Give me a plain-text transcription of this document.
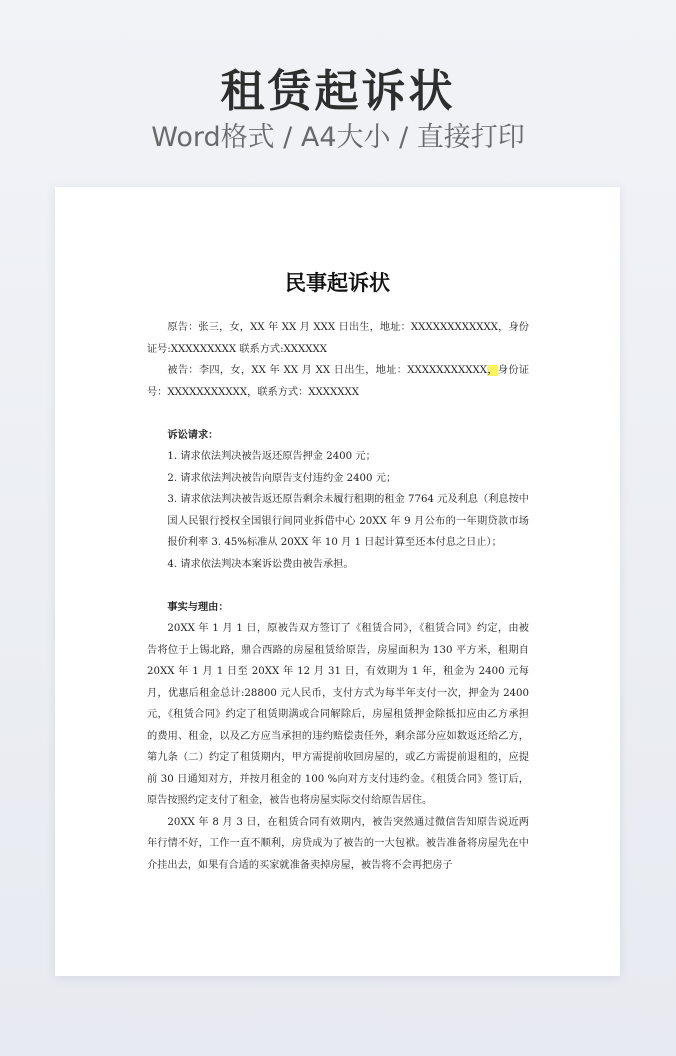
租赁起诉状
Word格式 / A4大小 / 直接打印
民事起诉状

原告：张三，女，XX 年 XX 月 XXX 日出生，地址：XXXXXXXXXXXX，身份证号:XXXXXXXXX 联系方式:XXXXXX

被告：李四，女，XX 年 XX 月 XX 日出生，地址：XXXXXXXXXXX，身份证号：XXXXXXXXXXX，联系方式：XXXXXXX

诉讼请求：

1. 请求依法判决被告返还原告押金 2400 元；

2. 请求依法判决被告向原告支付违约金 2400 元；

3. 请求依法判决被告返还原告剩余未履行租期的租金 7764 元及利息（利息按中国人民银行授权全国银行间同业拆借中心 20XX 年 9 月公布的一年期贷款市场报价利率 3. 45%标准从 20XX 年 10 月 1 日起计算至还本付息之日止）；

4. 请求依法判决本案诉讼费由被告承担。

事实与理由：

20XX 年 1 月 1 日，原被告双方签订了《租赁合同》，《租赁合同》约定，由被告将位于上锡北路，鼎合西路的房屋租赁给原告，房屋面积为 130 平方米，租期自 20XX 年 1 月 1 日至 20XX 年 12 月 31 日，有效期为 1 年，租金为 2400 元每月，优惠后租金总计:28800 元人民币，支付方式为每半年支付一次，押金为 2400 元，《租赁合同》约定了租赁期满或合同解除后，房屋租赁押金除抵扣应由乙方承担的费用、租金，以及乙方应当承担的违约赔偿责任外，剩余部分应如数返还给乙方，第九条（二）约定了租赁期内，甲方需提前收回房屋的，或乙方需提前退租的，应提前 30 日通知对方，并按月租金的 100 %向对方支付违约金。《租赁合同》签订后，原告按照约定支付了租金，被告也将房屋实际交付给原告居住。

20XX 年 8 月 3 日，在租赁合同有效期内，被告突然通过微信告知原告说近两年行情不好，工作一直不顺利，房贷成为了被告的一大包袱。被告准备将房屋先在中介挂出去，如果有合适的买家就准备卖掉房屋，被告将不会再把房子
